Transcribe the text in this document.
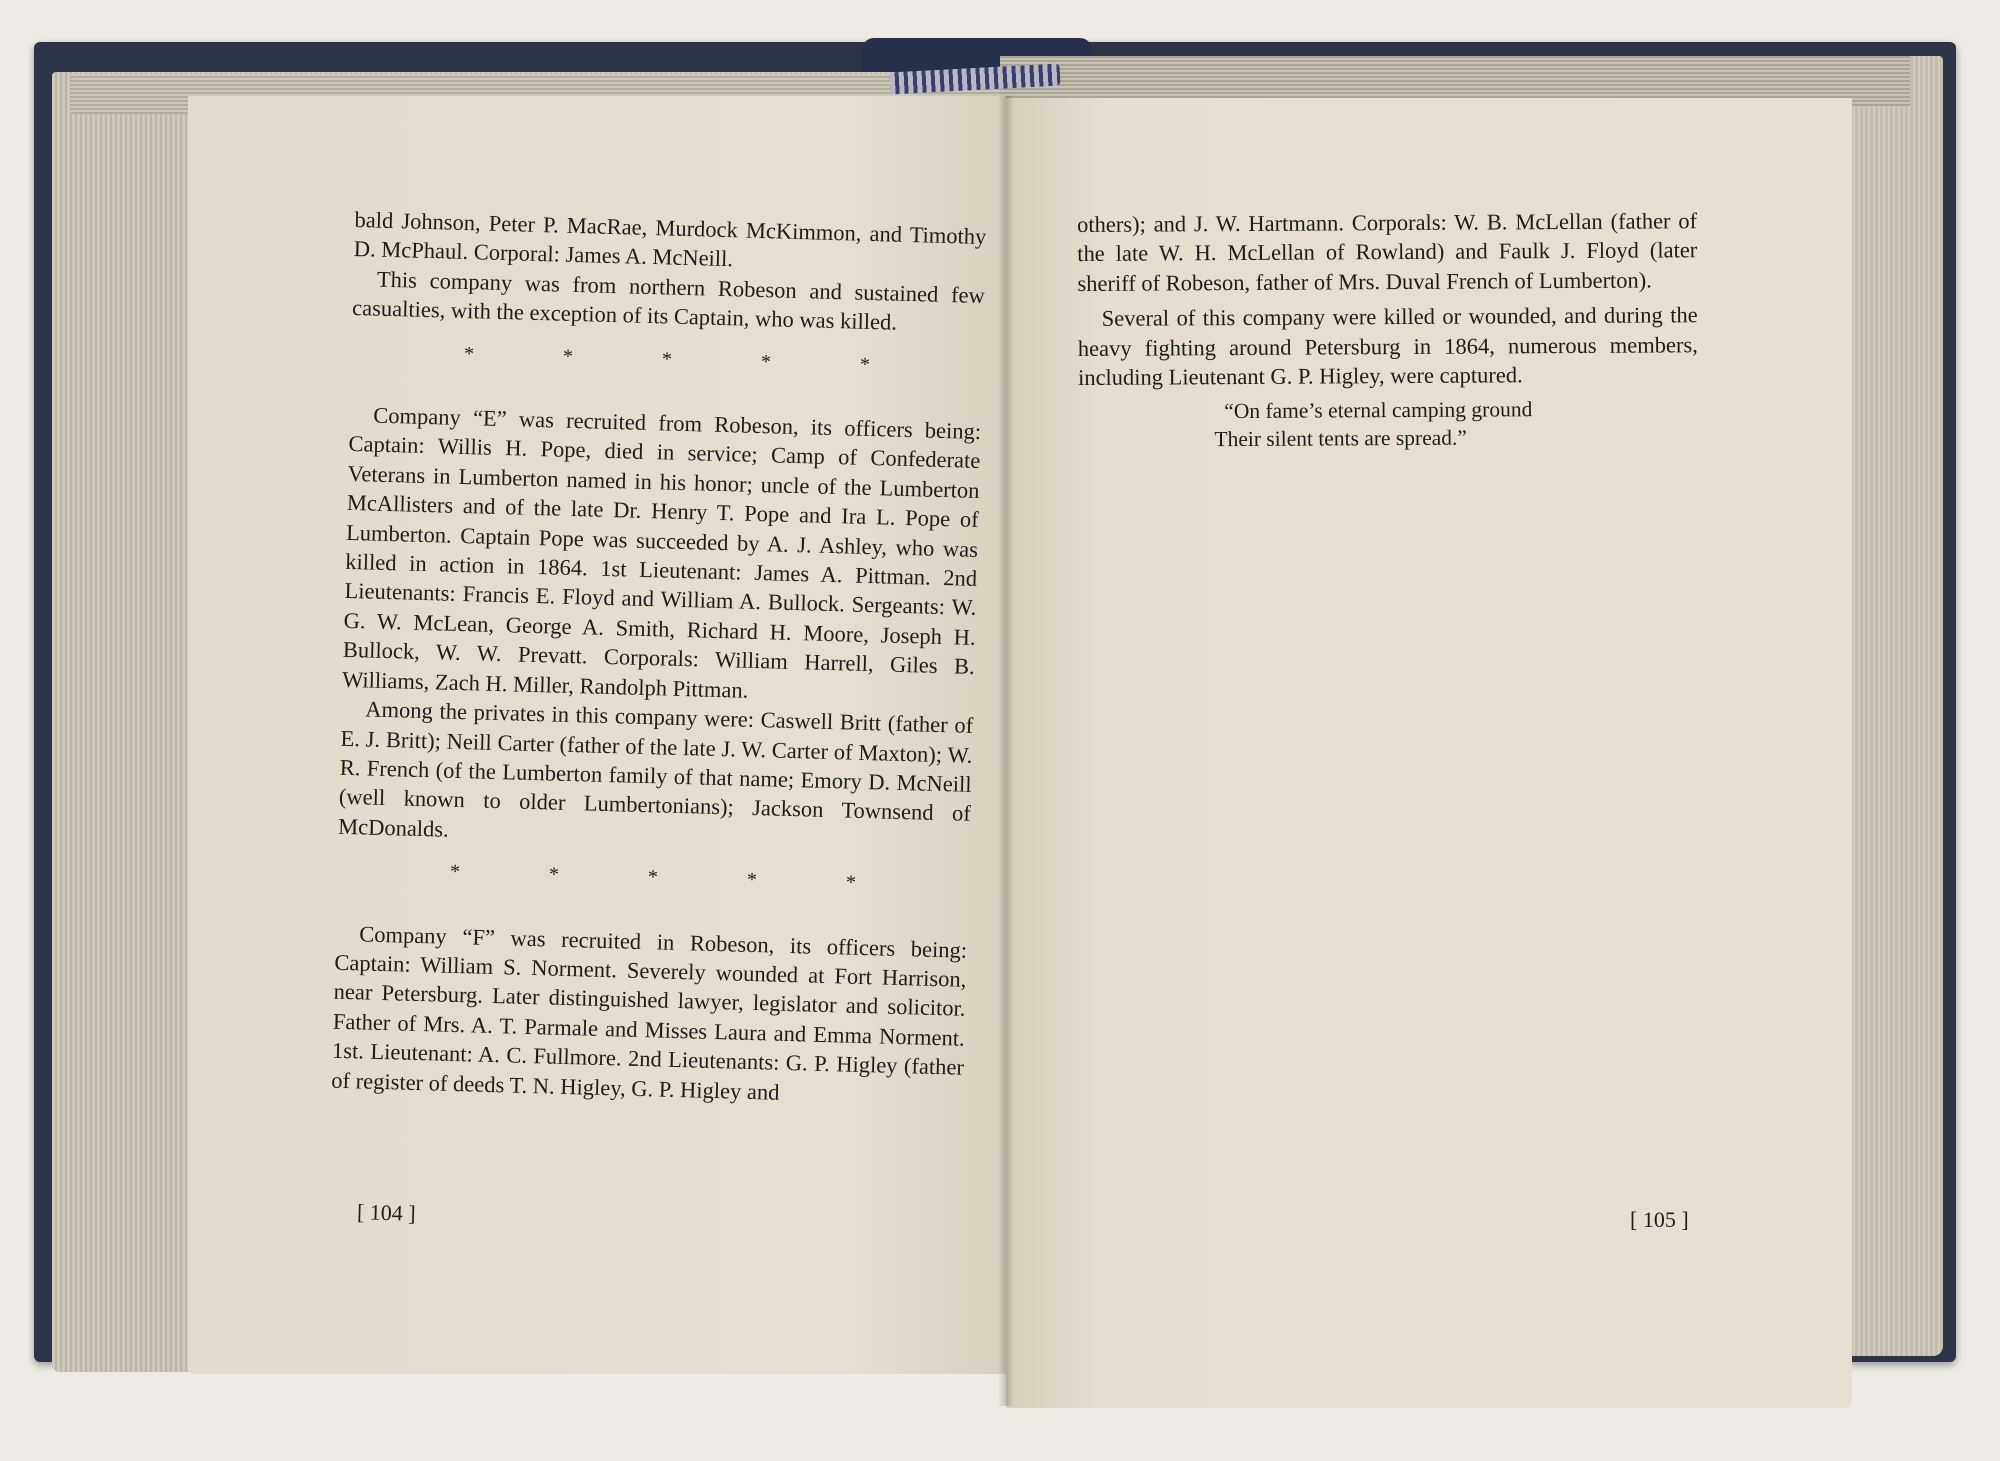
bald Johnson, Peter P. MacRae, Murdock McKimmon, and Timothy D. McPhaul. Corporal: James A. McNeill.

This company was from northern Robeson and sustained few casualties, with the exception of its Captain, who was killed.

* * * * *

Company “E” was recruited from Robeson, its officers being: Captain: Willis H. Pope, died in service; Camp of Confederate Veterans in Lumberton named in his honor; uncle of the Lumberton McAllisters and of the late Dr. Henry T. Pope and Ira L. Pope of Lumberton. Captain Pope was succeeded by A. J. Ashley, who was killed in action in 1864. 1st Lieutenant: James A. Pittman. 2nd Lieutenants: Francis E. Floyd and William A. Bullock. Sergeants: W. G. W. McLean, George A. Smith, Richard H. Moore, Joseph H. Bullock, W. W. Prevatt. Corporals: William Harrell, Giles B. Williams, Zach H. Miller, Randolph Pittman.

Among the privates in this company were: Caswell Britt (father of E. J. Britt); Neill Carter (father of the late J. W. Carter of Maxton); W. R. French (of the Lumberton family of that name; Emory D. McNeill (well known to older Lumbertonians); Jackson Townsend of McDonalds.

* * * * *

Company “F” was recruited in Robeson, its officers being: Captain: William S. Norment. Severely wounded at Fort Harrison, near Petersburg. Later distinguished lawyer, legislator and solicitor. Father of Mrs. A. T. Parmale and Misses Laura and Emma Norment. 1st. Lieutenant: A. C. Fullmore. 2nd Lieutenants: G. P. Higley (father of register of deeds T. N. Higley, G. P. Higley and

[ 104 ]

others); and J. W. Hartmann. Corporals: W. B. McLellan (father of the late W. H. McLellan of Rowland) and Faulk J. Floyd (later sheriff of Robeson, father of Mrs. Duval French of Lumberton).

Several of this company were killed or wounded, and during the heavy fighting around Petersburg in 1864, numerous members, including Lieutenant G. P. Higley, were captured.

“On fame’s eternal camping ground
Their silent tents are spread.”
[ 105 ]
